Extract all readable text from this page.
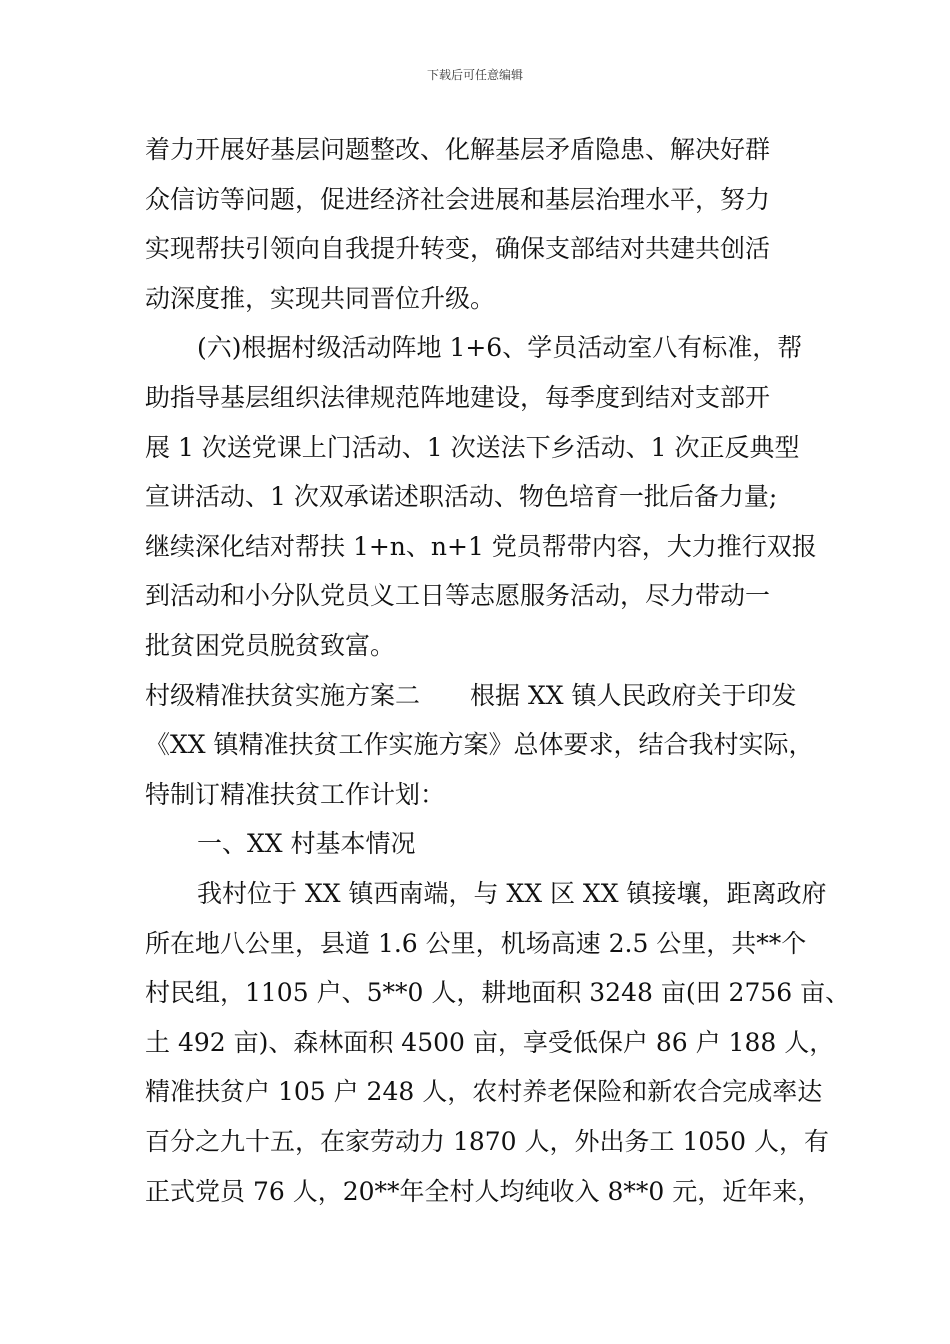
下载后可任意编辑
着力开展好基层问题整改、化解基层矛盾隐患、解决好群
众信访等问题，促进经济社会进展和基层治理水平，努力
实现帮扶引领向自我提升转变，确保支部结对共建共创活
动深度推，实现共同晋位升级。
(六)根据村级活动阵地 1+6、学员活动室八有标准，帮
助指导基层组织法律规范阵地建设，每季度到结对支部开
展 1 次送党课上门活动、1 次送法下乡活动、1 次正反典型
宣讲活动、1 次双承诺述职活动、物色培育一批后备力量;
继续深化结对帮扶 1+n、n+1 党员帮带内容，大力推行双报
到活动和小分队党员义工日等志愿服务活动，尽力带动一
批贫困党员脱贫致富。
村级精准扶贫实施方案二　　根据 XX 镇人民政府关于印发
《XX 镇精准扶贫工作实施方案》总体要求，结合我村实际，
特制订精准扶贫工作计划：
一、XX 村基本情况
我村位于 XX 镇西南端，与 XX 区 XX 镇接壤，距离政府
所在地八公里，县道 1.6 公里，机场高速 2.5 公里，共**个
村民组，1105 户、5**0 人，耕地面积 3248 亩(田 2756 亩、
土 492 亩)、森林面积 4500 亩，享受低保户 86 户 188 人，
精准扶贫户 105 户 248 人，农村养老保险和新农合完成率达
百分之九十五，在家劳动力 1870 人，外出务工 1050 人，有
正式党员 76 人，20**年全村人均纯收入 8**0 元，近年来，
